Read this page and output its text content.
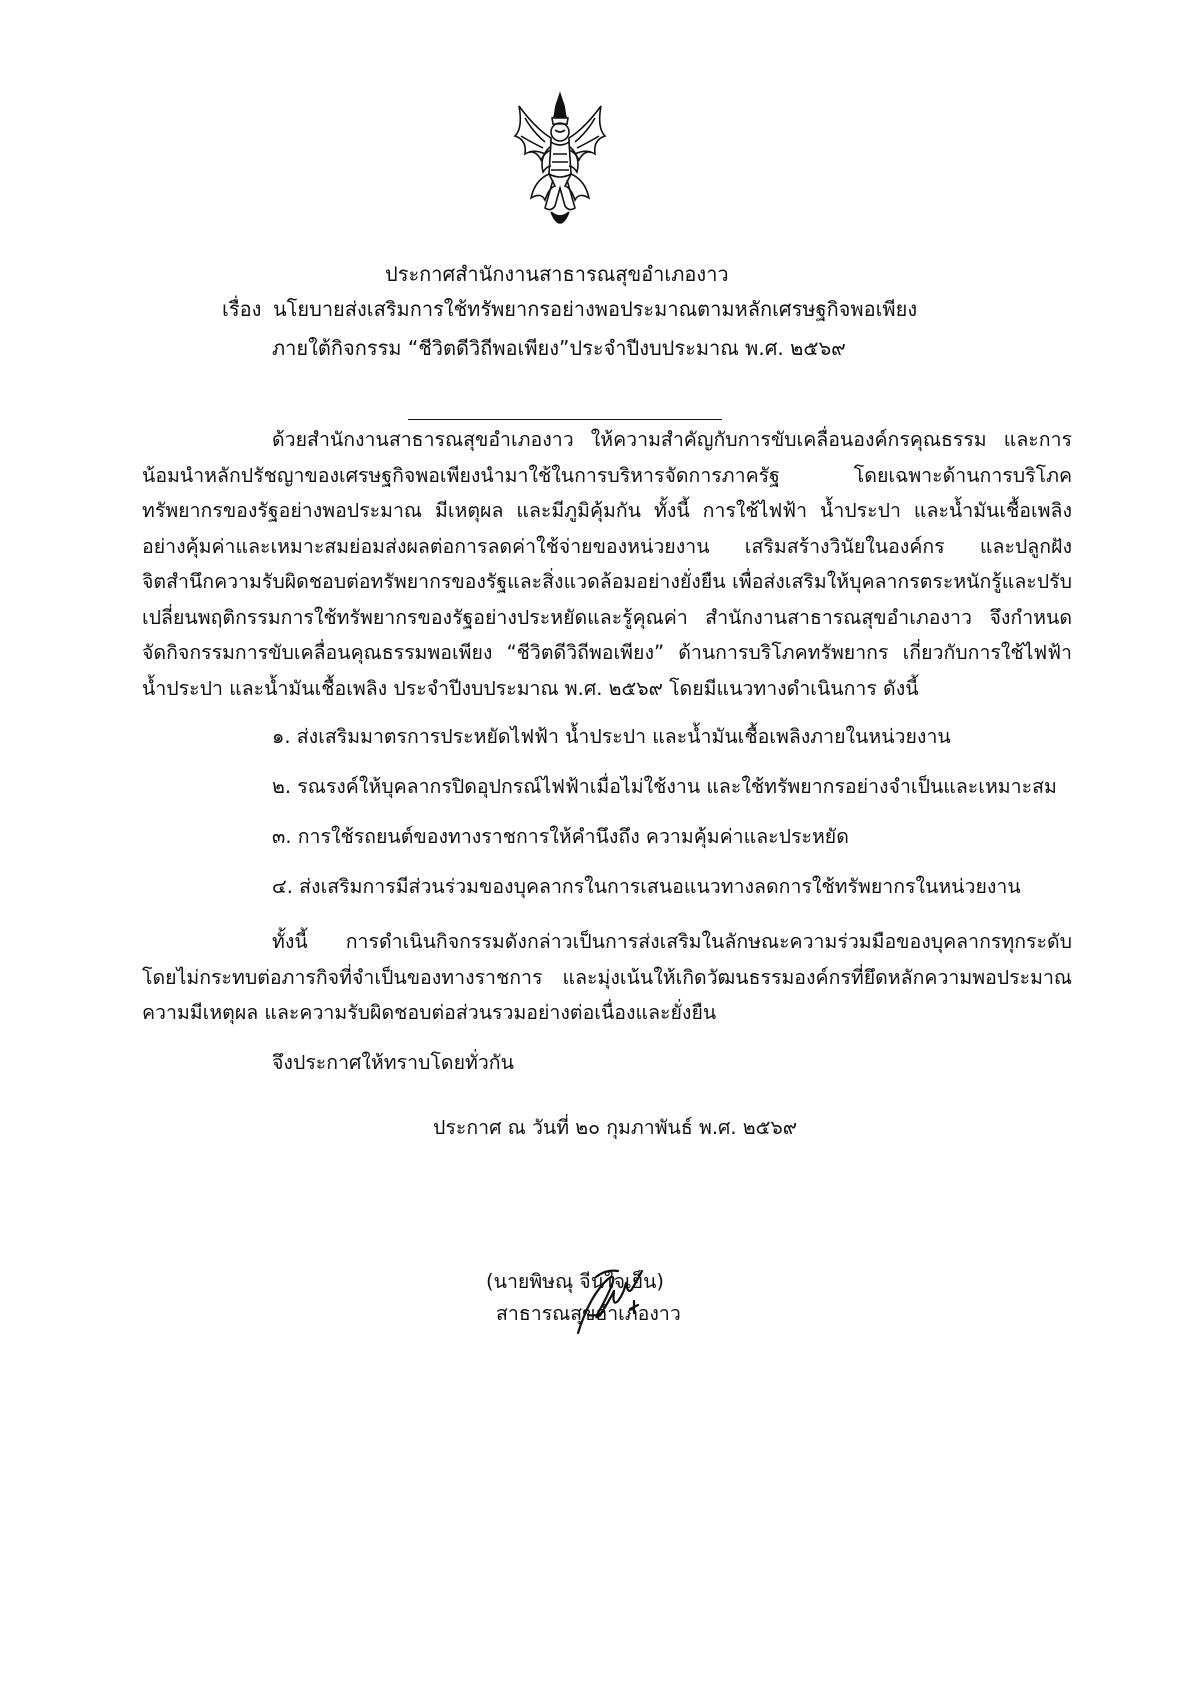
ประกาศสำนักงานสาธารณสุขอำเภองาว
เรื่อง นโยบายส่งเสริมการใช้ทรัพยากรอย่างพอประมาณตามหลักเศรษฐกิจพอเพียง
ภายใต้กิจกรรม “ชีวิตดีวิถีพอเพียง”ประจำปีงบประมาณ พ.ศ. ๒๕๖๙
ด้วยสำนักงานสาธารณสุขอำเภองาว ให้ความสำคัญกับการขับเคลื่อนองค์กรคุณธรรม และการน้อมนำหลักปรัชญาของเศรษฐกิจพอเพียงนำมาใช้ในการบริหารจัดการภาครัฐ โดยเฉพาะด้านการบริโภคทรัพยากรของรัฐอย่างพอประมาณ มีเหตุผล และมีภูมิคุ้มกัน ทั้งนี้ การใช้ไฟฟ้า น้ำประปา และน้ำมันเชื้อเพลิงอย่างคุ้มค่าและเหมาะสมย่อมส่งผลต่อการลดค่าใช้จ่ายของหน่วยงาน เสริมสร้างวินัยในองค์กร และปลูกฝังจิตสำนึกความรับผิดชอบต่อทรัพยากรของรัฐและสิ่งแวดล้อมอย่างยั่งยืน เพื่อส่งเสริมให้บุคลากรตระหนักรู้และปรับเปลี่ยนพฤติกรรมการใช้ทรัพยากรของรัฐอย่างประหยัดและรู้คุณค่า สำนักงานสาธารณสุขอำเภองาว จึงกำหนดจัดกิจกรรมการขับเคลื่อนคุณธรรมพอเพียง “ชีวิตดีวิถีพอเพียง” ด้านการบริโภคทรัพยากร เกี่ยวกับการใช้ไฟฟ้า น้ำประปา และน้ำมันเชื้อเพลิง ประจำปีงบประมาณ พ.ศ. ๒๕๖๙ โดยมีแนวทางดำเนินการ ดังนี้
๑. ส่งเสริมมาตรการประหยัดไฟฟ้า น้ำประปา และน้ำมันเชื้อเพลิงภายในหน่วยงาน
๒. รณรงค์ให้บุคลากรปิดอุปกรณ์ไฟฟ้าเมื่อไม่ใช้งาน และใช้ทรัพยากรอย่างจำเป็นและเหมาะสม
๓. การใช้รถยนต์ของทางราชการให้คำนึงถึง ความคุ้มค่าและประหยัด
๔. ส่งเสริมการมีส่วนร่วมของบุคลากรในการเสนอแนวทางลดการใช้ทรัพยากรในหน่วยงาน
ทั้งนี้ การดำเนินกิจกรรมดังกล่าวเป็นการส่งเสริมในลักษณะความร่วมมือของบุคลากรทุกระดับ โดยไม่กระทบต่อภารกิจที่จำเป็นของทางราชการ และมุ่งเน้นให้เกิดวัฒนธรรมองค์กรที่ยึดหลักความพอประมาณ ความมีเหตุผล และความรับผิดชอบต่อส่วนรวมอย่างต่อเนื่องและยั่งยืน
จึงประกาศให้ทราบโดยทั่วกัน
ประกาศ ณ วันที่ ๒๐ กุมภาพันธ์ พ.ศ. ๒๕๖๙
(นายพิษณุ จีนใจเย็น)
สาธารณสุขอำเภองาว
